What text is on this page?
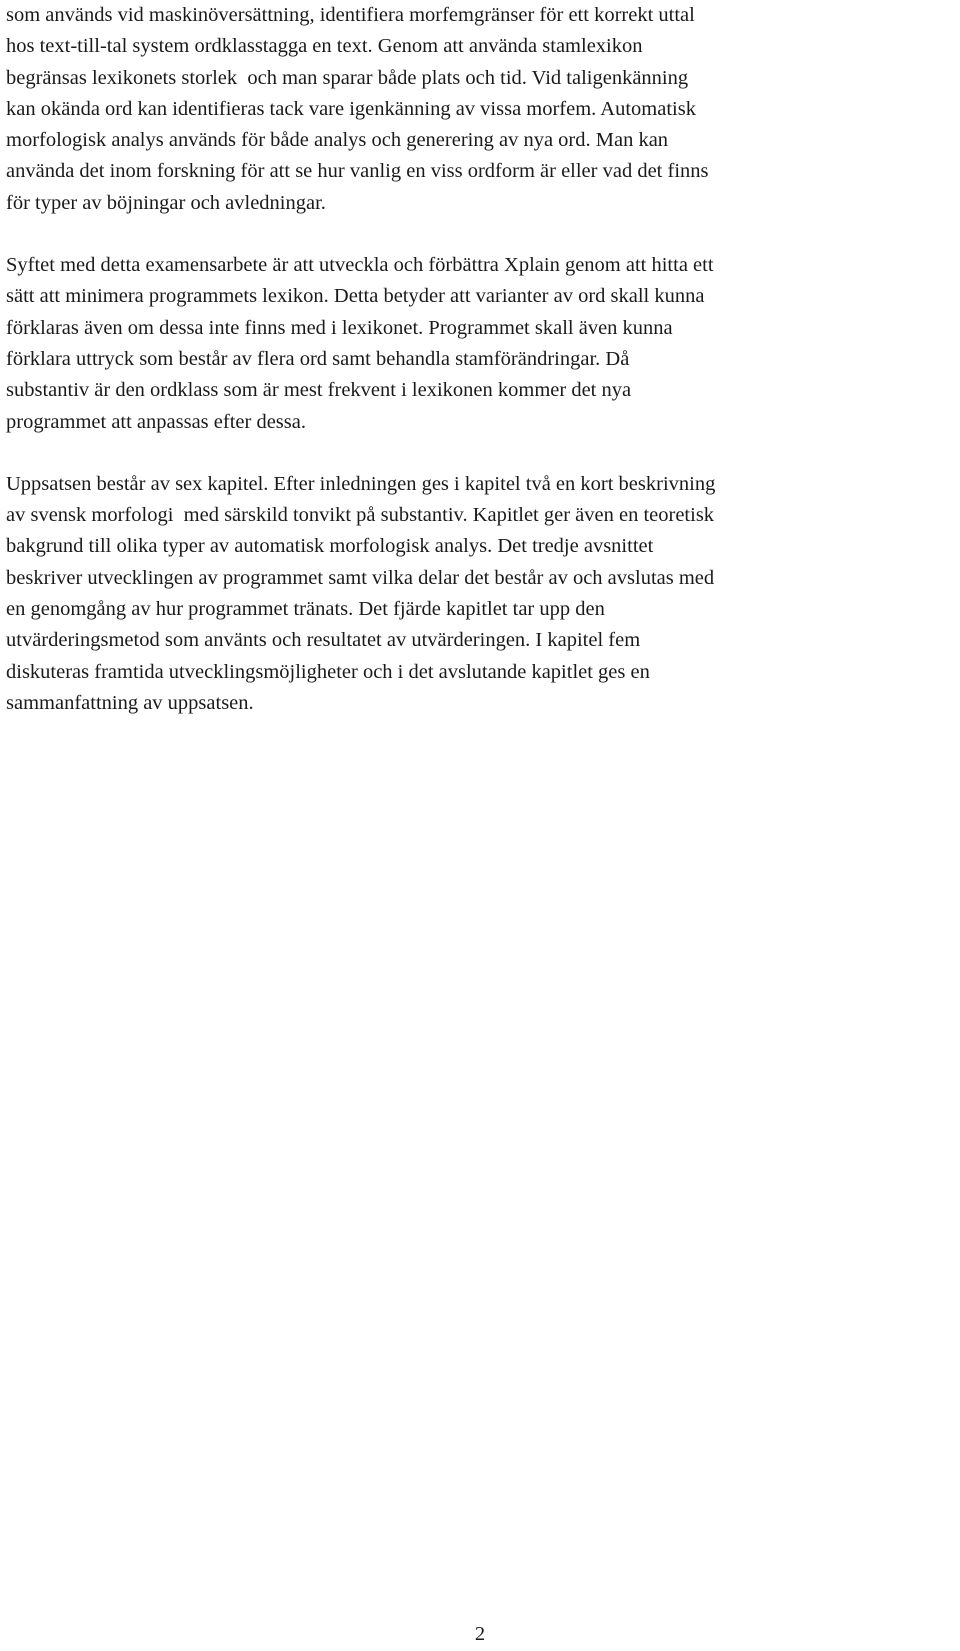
som används vid maskinöversättning, identifiera morfemgränser för ett korrekt uttal
hos text-till-tal system ordklasstagga en text. Genom att använda stamlexikon
begränsas lexikonets storlek  och man sparar både plats och tid. Vid taligenkänning
kan okända ord kan identifieras tack vare igenkänning av vissa morfem. Automatisk
morfologisk analys används för både analys och generering av nya ord. Man kan
använda det inom forskning för att se hur vanlig en viss ordform är eller vad det finns
för typer av böjningar och avledningar.

Syftet med detta examensarbete är att utveckla och förbättra Xplain genom att hitta ett
sätt att minimera programmets lexikon. Detta betyder att varianter av ord skall kunna
förklaras även om dessa inte finns med i lexikonet. Programmet skall även kunna
förklara uttryck som består av flera ord samt behandla stamförändringar. Då
substantiv är den ordklass som är mest frekvent i lexikonen kommer det nya
programmet att anpassas efter dessa.

Uppsatsen består av sex kapitel. Efter inledningen ges i kapitel två en kort beskrivning
av svensk morfologi  med särskild tonvikt på substantiv. Kapitlet ger även en teoretisk
bakgrund till olika typer av automatisk morfologisk analys. Det tredje avsnittet
beskriver utvecklingen av programmet samt vilka delar det består av och avslutas med
en genomgång av hur programmet tränats. Det fjärde kapitlet tar upp den
utvärderingsmetod som använts och resultatet av utvärderingen. I kapitel fem
diskuteras framtida utvecklingsmöjligheter och i det avslutande kapitlet ges en
sammanfattning av uppsatsen.

2
